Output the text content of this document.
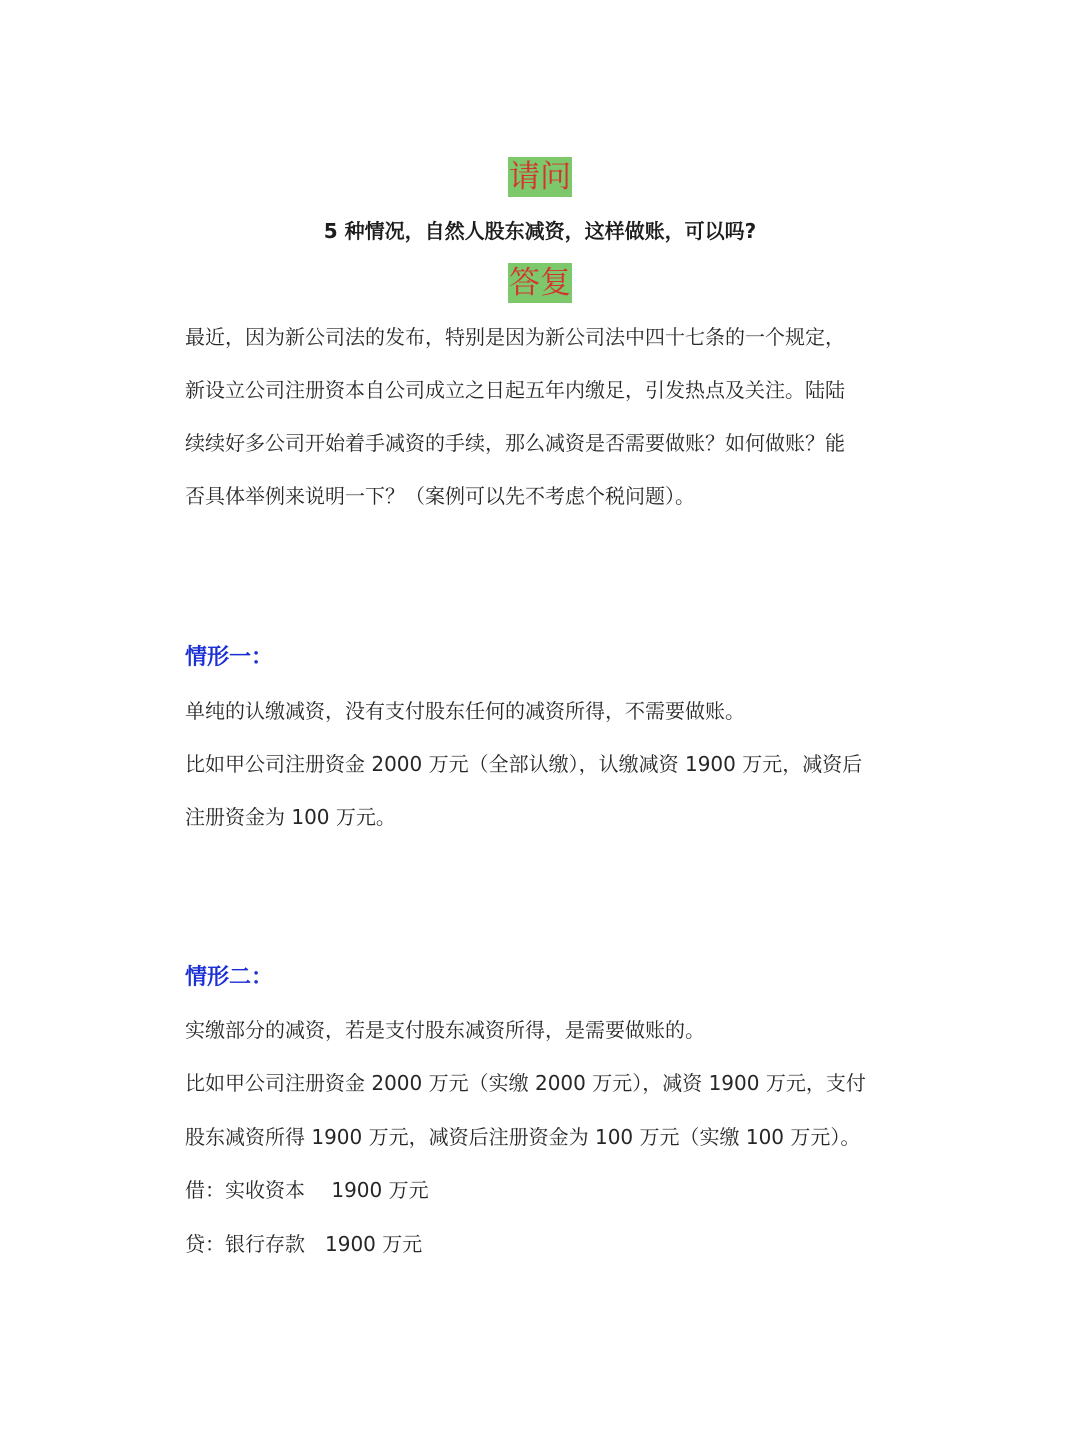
请问
5 种情况，自然人股东减资，这样做账，可以吗?
答复
最近，因为新公司法的发布，特别是因为新公司法中四十七条的一个规定，
新设立公司注册资本自公司成立之日起五年内缴足，引发热点及关注。陆陆
续续好多公司开始着手减资的手续，那么减资是否需要做账？如何做账？能
否具体举例来说明一下？（案例可以先不考虑个税问题）。
情形一：
单纯的认缴减资，没有支付股东任何的减资所得，不需要做账。
比如甲公司注册资金 2000 万元（全部认缴），认缴减资 1900 万元，减资后
注册资金为 100 万元。
情形二：
实缴部分的减资，若是支付股东减资所得，是需要做账的。
比如甲公司注册资金 2000 万元（实缴 2000 万元），减资 1900 万元，支付
股东减资所得 1900 万元，减资后注册资金为 100 万元（实缴 100 万元）。
借：实收资本　 1900 万元
贷：银行存款　1900 万元
